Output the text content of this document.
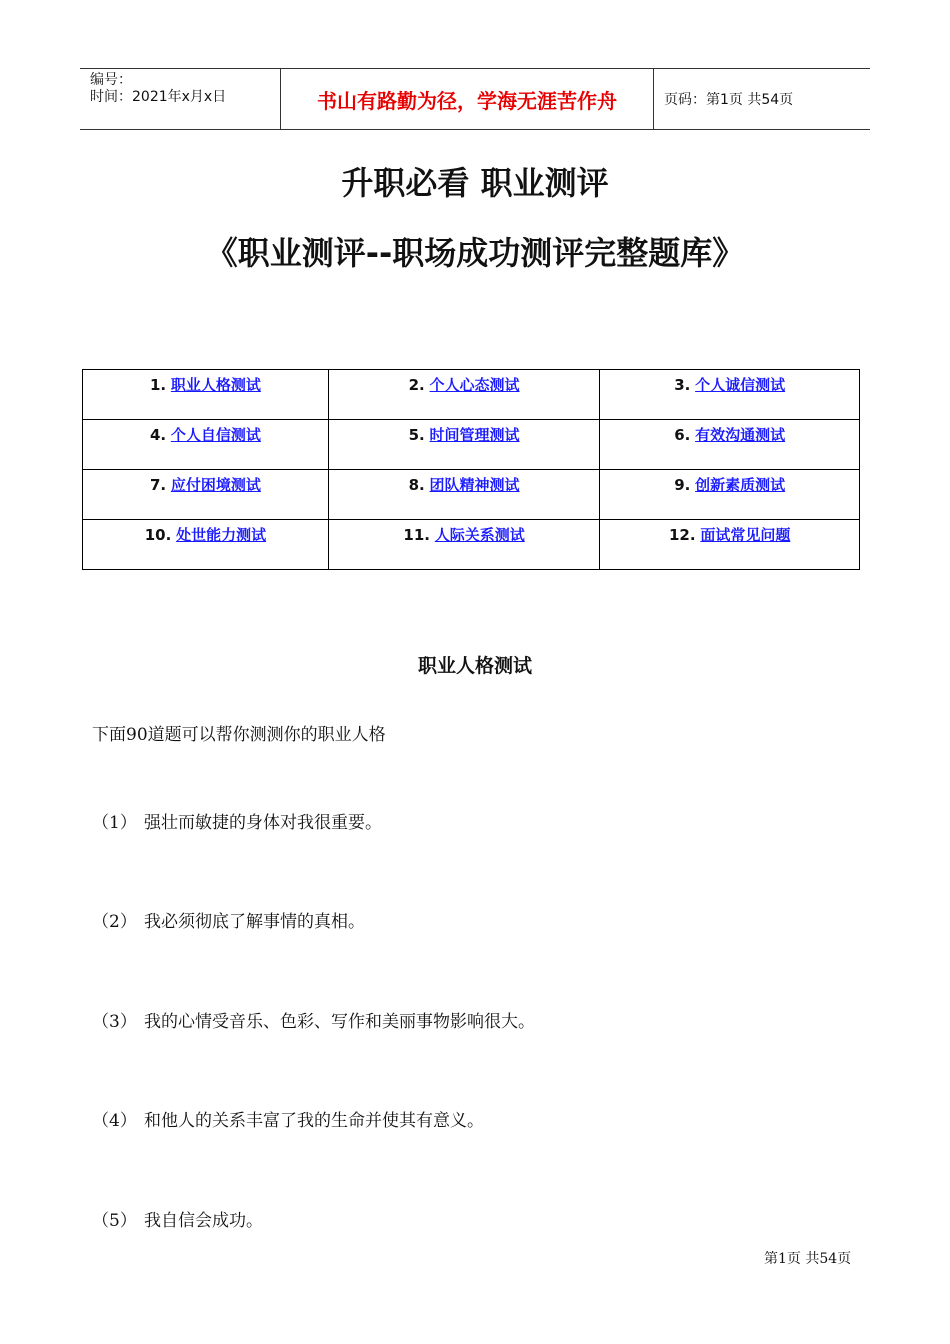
编号：
时间：2021年x月x日	书山有路勤为径，学海无涯苦作舟	页码：第1页 共54页
升职必看 职业测评
《职业测评--职场成功测评完整题库》
1. 职业人格测试	2. 个人心态测试	3. 个人诚信测试
4. 个人自信测试	5. 时间管理测试	6. 有效沟通测试
7. 应付困境测试	8. 团队精神测试	9. 创新素质测试
10. 处世能力测试	11. 人际关系测试	12. 面试常见问题
职业人格测试
下面90道题可以帮你测测你的职业人格
（1） 强壮而敏捷的身体对我很重要。
（2） 我必须彻底了解事情的真相。
（3） 我的心情受音乐、色彩、写作和美丽事物影响很大。
（4） 和他人的关系丰富了我的生命并使其有意义。
（5） 我自信会成功。
第1页 共54页
